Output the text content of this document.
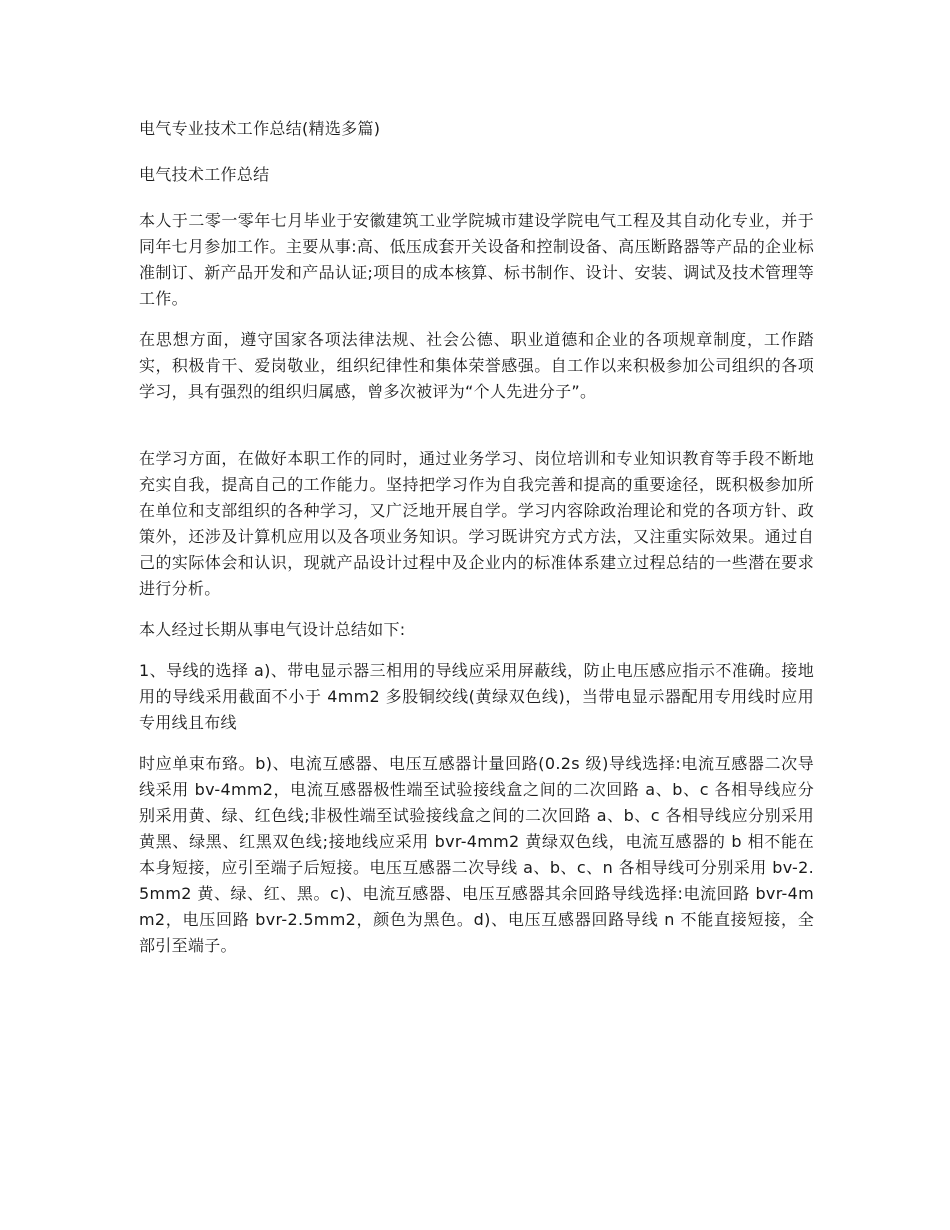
电气专业技术工作总结(精选多篇)

电气技术工作总结

本人于二零一零年七月毕业于安徽建筑工业学院城市建设学院电气工程及其自动化专业，并于同年七月参加工作。主要从事:高、低压成套开关设备和控制设备、高压断路器等产品的企业标准制订、新产品开发和产品认证;项目的成本核算、标书制作、设计、安装、调试及技术管理等工作。

在思想方面，遵守国家各项法律法规、社会公德、职业道德和企业的各项规章制度，工作踏实，积极肯干、爱岗敬业，组织纪律性和集体荣誉感强。自工作以来积极参加公司组织的各项学习，具有强烈的组织归属感，曾多次被评为“个人先进分子”。

在学习方面，在做好本职工作的同时，通过业务学习、岗位培训和专业知识教育等手段不断地充实自我，提高自己的工作能力。坚持把学习作为自我完善和提高的重要途径，既积极参加所在单位和支部组织的各种学习，又广泛地开展自学。学习内容除政治理论和党的各项方针、政策外，还涉及计算机应用以及各项业务知识。学习既讲究方式方法，又注重实际效果。通过自己的实际体会和认识，现就产品设计过程中及企业内的标准体系建立过程总结的一些潜在要求进行分析。

本人经过长期从事电气设计总结如下:

1、导线的选择 a)、带电显示器三相用的导线应采用屏蔽线，防止电压感应指示不准确。接地用的导线采用截面不小于 4mm2 多股铜绞线(黄绿双色线)，当带电显示器配用专用线时应用专用线且布线

时应单束布臵。b)、电流互感器、电压互感器计量回路(0.2s 级)导线选择:电流互感器二次导线采用 bv-4mm2，电流互感器极性端至试验接线盒之间的二次回路 a、b、c 各相导线应分别采用黄、绿、红色线;非极性端至试验接线盒之间的二次回路 a、b、c 各相导线应分别采用黄黑、绿黑、红黑双色线;接地线应采用 bvr-4mm2 黄绿双色线，电流互感器的 b 相不能在本身短接，应引至端子后短接。电压互感器二次导线 a、b、c、n 各相导线可分别采用 bv-2.5mm2 黄、绿、红、黑。c)、电流互感器、电压互感器其余回路导线选择:电流回路 bvr-4mm2，电压回路 bvr-2.5mm2，颜色为黑色。d)、电压互感器回路导线 n 不能直接短接，全部引至端子。
